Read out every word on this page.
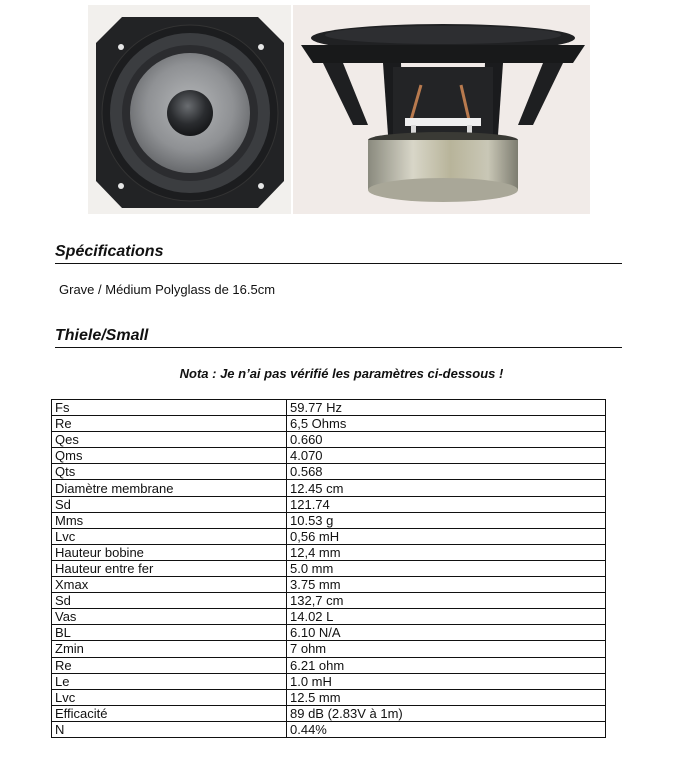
Spécifications
Grave / Médium Polyglass de 16.5cm
Thiele/Small
Nota : Je n’ai pas vérifié les paramètres ci-dessous !
Fs	59.77 Hz
Re	6,5 Ohms
Qes	0.660
Qms	4.070
Qts	0.568
Diamètre membrane	12.45 cm
Sd	121.74
Mms	10.53 g
Lvc	0,56 mH
Hauteur bobine	12,4 mm
Hauteur entre fer	5.0 mm
Xmax	3.75 mm
Sd	132,7 cm
Vas	14.02 L
BL	6.10 N/A
Zmin	7 ohm
Re	6.21 ohm
Le	1.0 mH
Lvc	12.5 mm
Efficacité	89 dB (2.83V à 1m)
N	0.44%
